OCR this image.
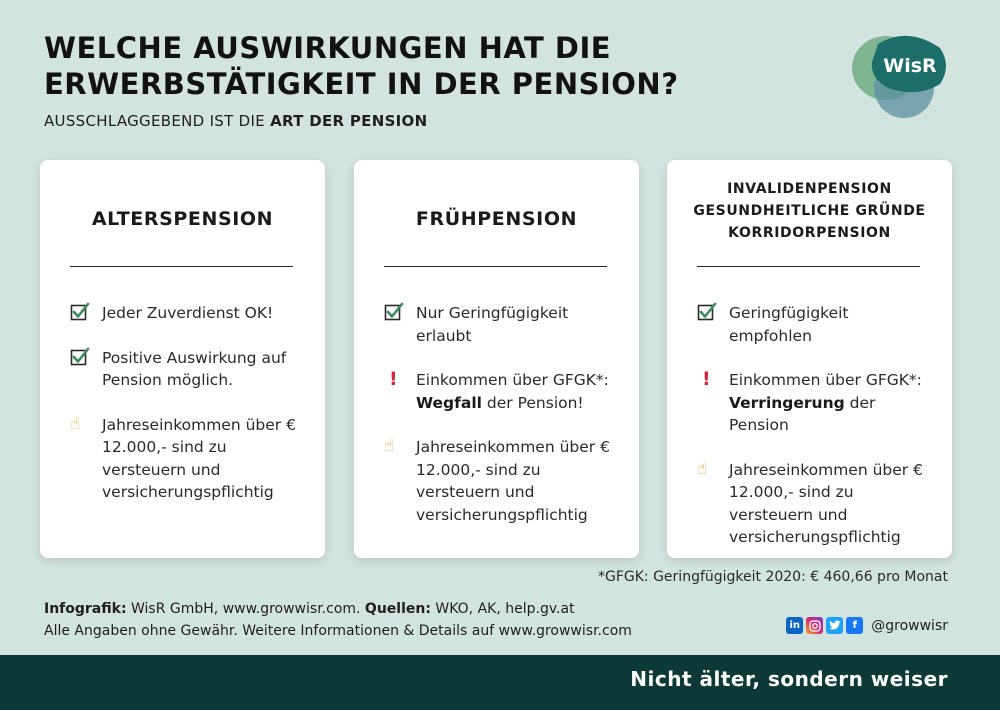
WELCHE AUSWIRKUNGEN HAT DIE
ERWERBSTÄTIGKEIT IN DER PENSION?
AUSSCHLAGGEBEND IST DIE ART DER PENSION
WisR
ALTERSPENSION
Jeder Zuverdienst OK!
Positive Auswirkung auf Pension möglich.
☝	Jahreseinkommen über € 12.000,- sind zu versteuern und versicherungspflichtig
FRÜHPENSION
Nur Geringfügigkeit erlaubt
!	Einkommen über GFGK*:
Wegfall der Pension!
☝	Jahreseinkommen über € 12.000,- sind zu versteuern und versicherungspflichtig
INVALIDENPENSION
GESUNDHEITLICHE GRÜNDE
KORRIDORPENSION
Geringfügigkeit empfohlen
!	Einkommen über GFGK*:
Verringerung der Pension
☝	Jahreseinkommen über € 12.000,- sind zu versteuern und versicherungspflichtig
*GFGK: Geringfügigkeit 2020: € 460,66 pro Monat
Infografik: WisR GmbH, www.growwisr.com. Quellen: WKO, AK, help.gv.at
Alle Angaben ohne Gewähr. Weitere Informationen & Details auf www.growwisr.com	in	f	@growwisr
Nicht älter, sondern weiser
